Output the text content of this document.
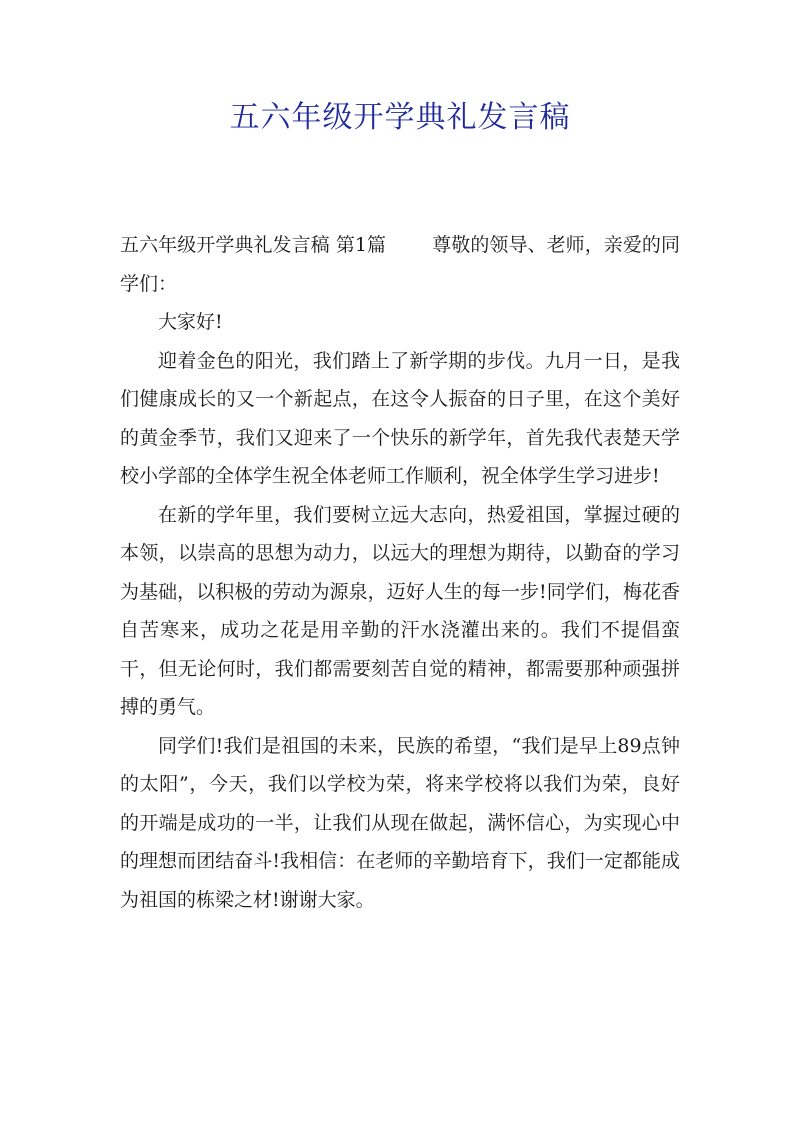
五六年级开学典礼发言稿

五六年级开学典礼发言稿 第1篇 尊敬的领导、老师，亲爱的同学们：

大家好!

迎着金色的阳光，我们踏上了新学期的步伐。九月一日，是我们健康成长的又一个新起点，在这令人振奋的日子里，在这个美好的黄金季节，我们又迎来了一个快乐的新学年，首先我代表楚天学校小学部的全体学生祝全体老师工作顺利，祝全体学生学习进步!

在新的学年里，我们要树立远大志向，热爱祖国，掌握过硬的本领，以崇高的思想为动力，以远大的理想为期待，以勤奋的学习为基础，以积极的劳动为源泉，迈好人生的每一步!同学们，梅花香自苦寒来，成功之花是用辛勤的汗水浇灌出来的。我们不提倡蛮干，但无论何时，我们都需要刻苦自觉的精神，都需要那种顽强拼搏的勇气。

同学们!我们是祖国的未来，民族的希望，“我们是早上89点钟的太阳”，今天，我们以学校为荣，将来学校将以我们为荣，良好的开端是成功的一半，让我们从现在做起，满怀信心，为实现心中的理想而团结奋斗!我相信：在老师的辛勤培育下，我们一定都能成为祖国的栋梁之材!谢谢大家。
